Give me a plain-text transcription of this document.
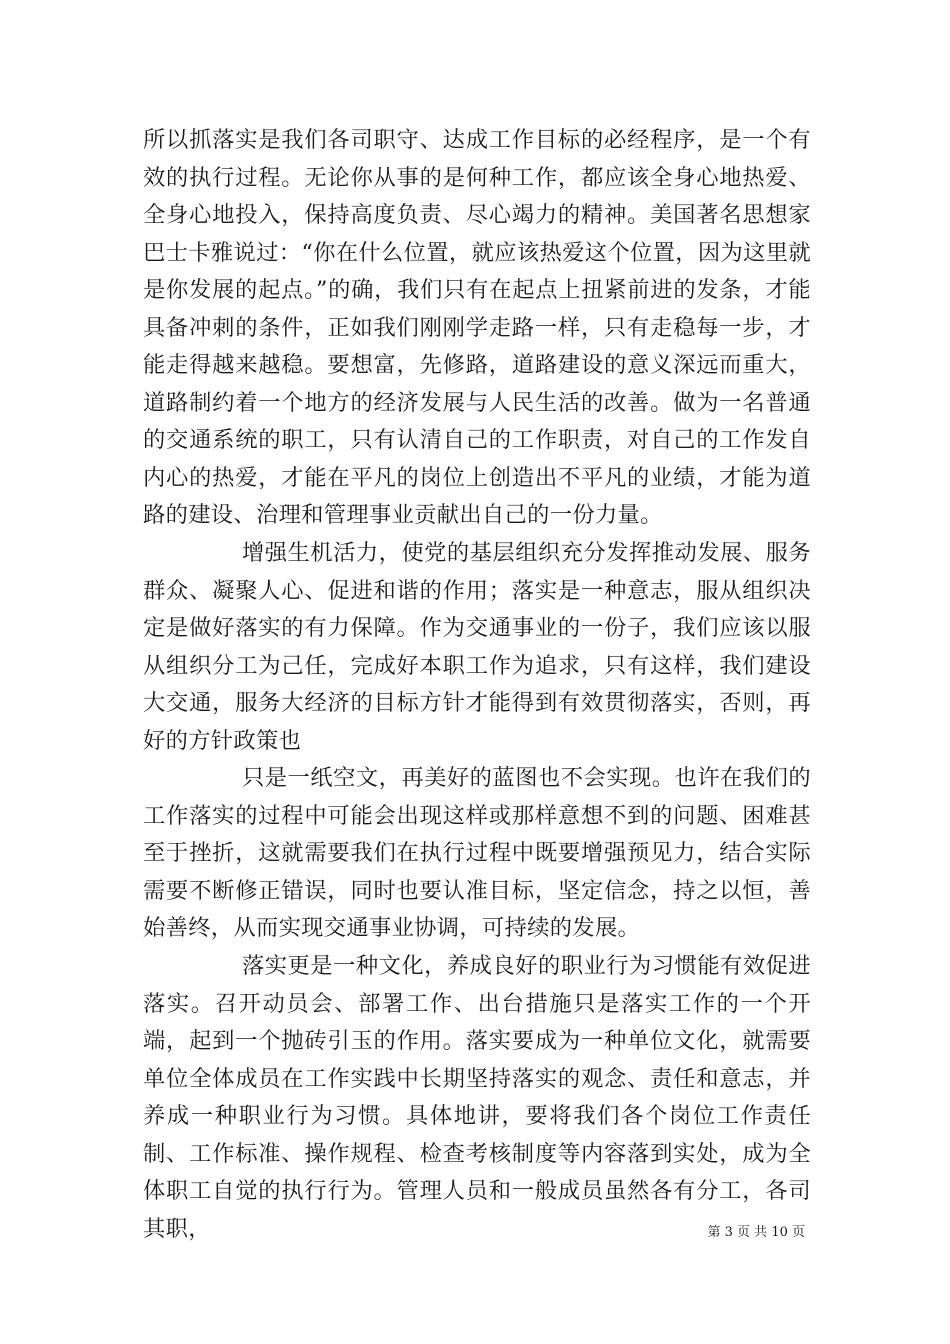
所以抓落实是我们各司职守、达成工作目标的必经程序，是一个有效的执行过程。无论你从事的是何种工作，都应该全身心地热爱、全身心地投入，保持高度负责、尽心竭力的精神。美国著名思想家巴士卡雅说过：“你在什么位置，就应该热爱这个位置，因为这里就是你发展的起点。”的确，我们只有在起点上扭紧前进的发条，才能具备冲刺的条件，正如我们刚刚学走路一样，只有走稳每一步，才能走得越来越稳。要想富，先修路，道路建设的意义深远而重大，道路制约着一个地方的经济发展与人民生活的改善。做为一名普通的交通系统的职工，只有认清自己的工作职责，对自己的工作发自内心的热爱，才能在平凡的岗位上创造出不平凡的业绩，才能为道路的建设、治理和管理事业贡献出自己的一份力量。

增强生机活力，使党的基层组织充分发挥推动发展、服务群众、凝聚人心、促进和谐的作用；落实是一种意志，服从组织决定是做好落实的有力保障。作为交通事业的一份子，我们应该以服从组织分工为己任，完成好本职工作为追求，只有这样，我们建设大交通，服务大经济的目标方针才能得到有效贯彻落实，否则，再好的方针政策也

只是一纸空文，再美好的蓝图也不会实现。也许在我们的工作落实的过程中可能会出现这样或那样意想不到的问题、困难甚至于挫折，这就需要我们在执行过程中既要增强预见力，结合实际需要不断修正错误，同时也要认准目标，坚定信念，持之以恒，善始善终，从而实现交通事业协调，可持续的发展。

落实更是一种文化，养成良好的职业行为习惯能有效促进落实。召开动员会、部署工作、出台措施只是落实工作的一个开端，起到一个抛砖引玉的作用。落实要成为一种单位文化，就需要单位全体成员在工作实践中长期坚持落实的观念、责任和意志，并养成一种职业行为习惯。具体地讲，要将我们各个岗位工作责任制、工作标准、操作规程、检查考核制度等内容落到实处，成为全体职工自觉的执行行为。管理人员和一般成员虽然各有分工，各司其职，	第 3 页 共 10 页
